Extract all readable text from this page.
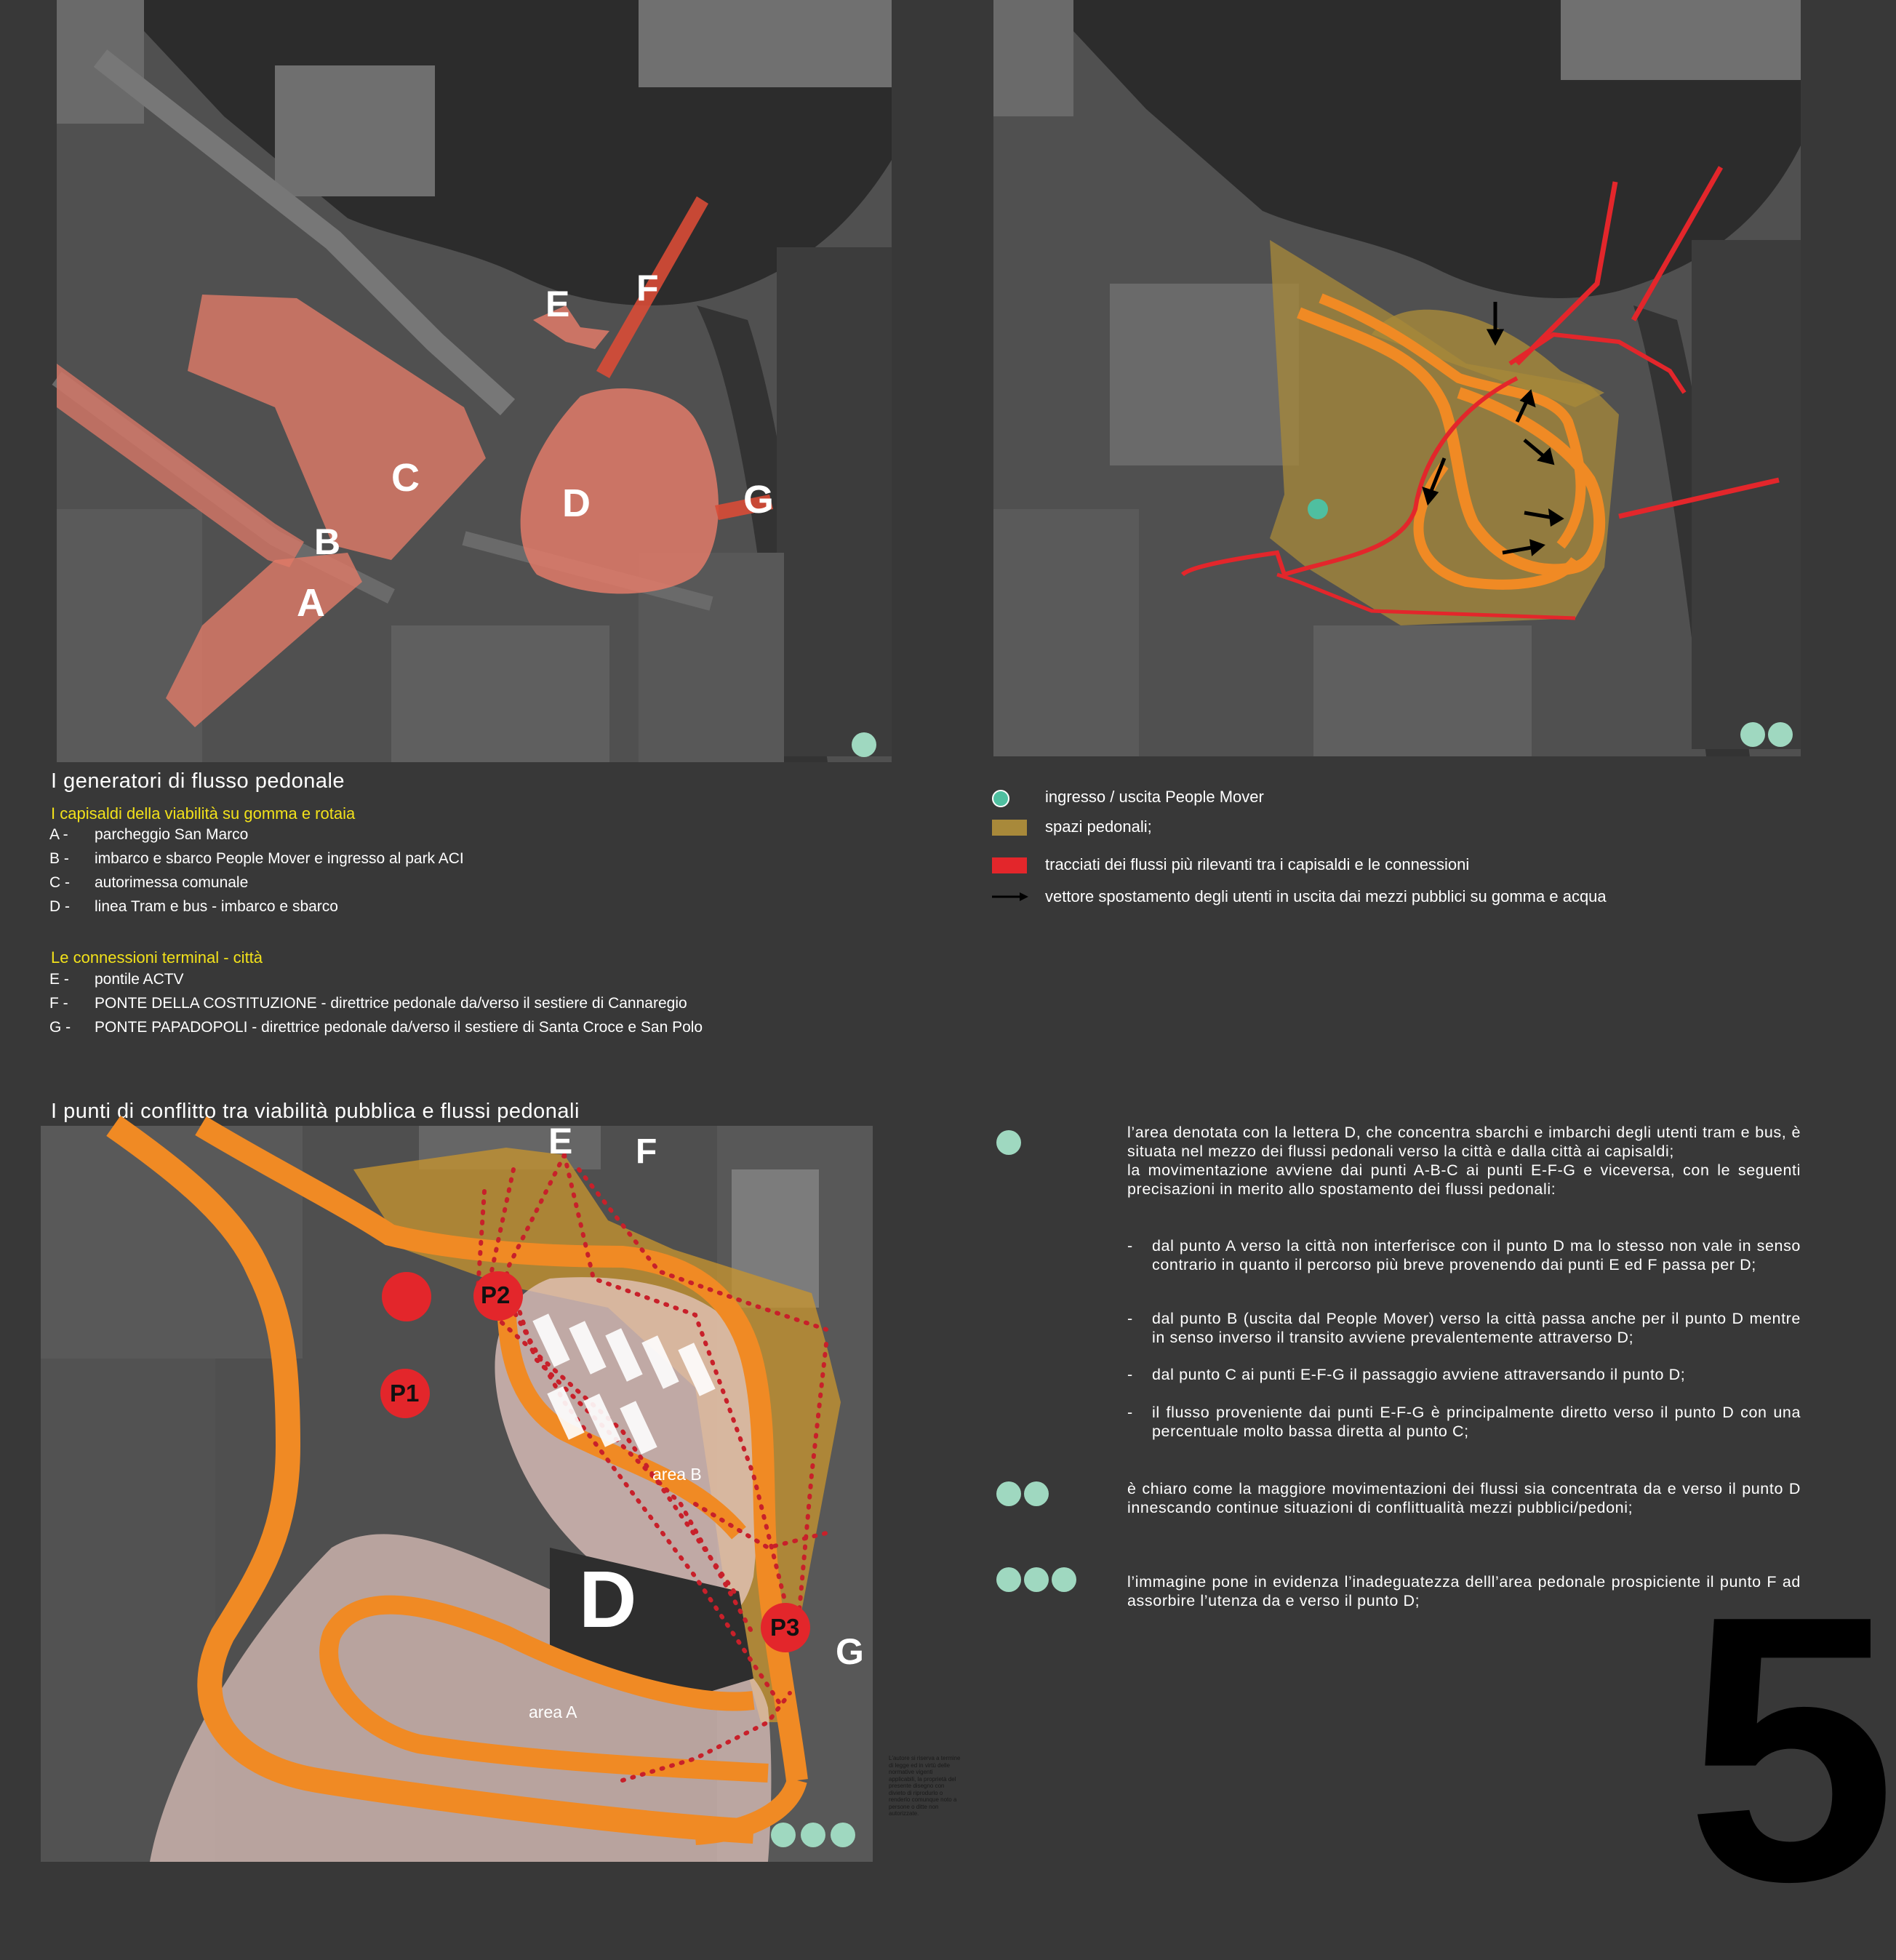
E F
C
D	G
B
A
I generatori di flusso pedonale
I capisaldi della viabilità su gomma e rotaia
A - parcheggio San Marco
B - imbarco e sbarco People Mover e ingresso al park ACI
C - autorimessa comunale
D - linea Tram e bus - imbarco e sbarco
Le connessioni terminal - città
E - pontile ACTV
F - PONTE DELLA COSTITUZIONE - direttrice pedonale da/verso il sestiere di Cannaregio
G - PONTE PAPADOPOLI - direttrice pedonale da/verso il sestiere di Santa Croce e San Polo
ingresso / uscita People Mover
spazi pedonali;
tracciati dei flussi più rilevanti tra i capisaldi e le connessioni
vettore spostamento degli utenti in uscita dai mezzi pubblici su gomma e acqua
I punti di conflitto tra viabilità pubblica e flussi pedonali
E F
P2
P1
P3
D
G
area B
area A

l’area denotata con la lettera D, che concentra sbarchi e imbarchi degli utenti tram e bus, è situata nel mezzo dei flussi pedonali verso la città e dalla città ai capisaldi;

la movimentazione avviene dai punti A-B-C ai punti E-F-G e viceversa, con le seguenti precisazioni in merito allo spostamento dei flussi pedonali:

- dal punto A verso la città non interferisce con il punto D ma lo stesso non vale in senso contrario in quanto il percorso più breve provenendo dai punti E ed F passa per D;
- dal punto B (uscita dal People Mover) verso la città passa anche per il punto D mentre in senso inverso il transito avviene prevalentemente attraverso D;
- dal punto C ai punti E-F-G il passaggio avviene attraversando il punto D;
- il flusso proveniente dai punti E-F-G è principalmente diretto verso il punto D con una percentuale molto bassa diretta al punto C;
è chiaro come la maggiore movimentazioni dei flussi sia concentrata da e verso il punto D innescando continue situazioni di conflittualità mezzi pubblici/pedoni;
l’immagine pone in evidenza l’inadeguatezza delll’area pedonale prospiciente il punto F ad assorbire l’utenza da e verso il punto D;
L'autore si riserva a termine di legge ed in virtù delle normative vigenti applicabili, la proprietà del presente disegno con divieto di riprodurlo o renderlo comunque noto a persone o ditte non autorizzate. 5
